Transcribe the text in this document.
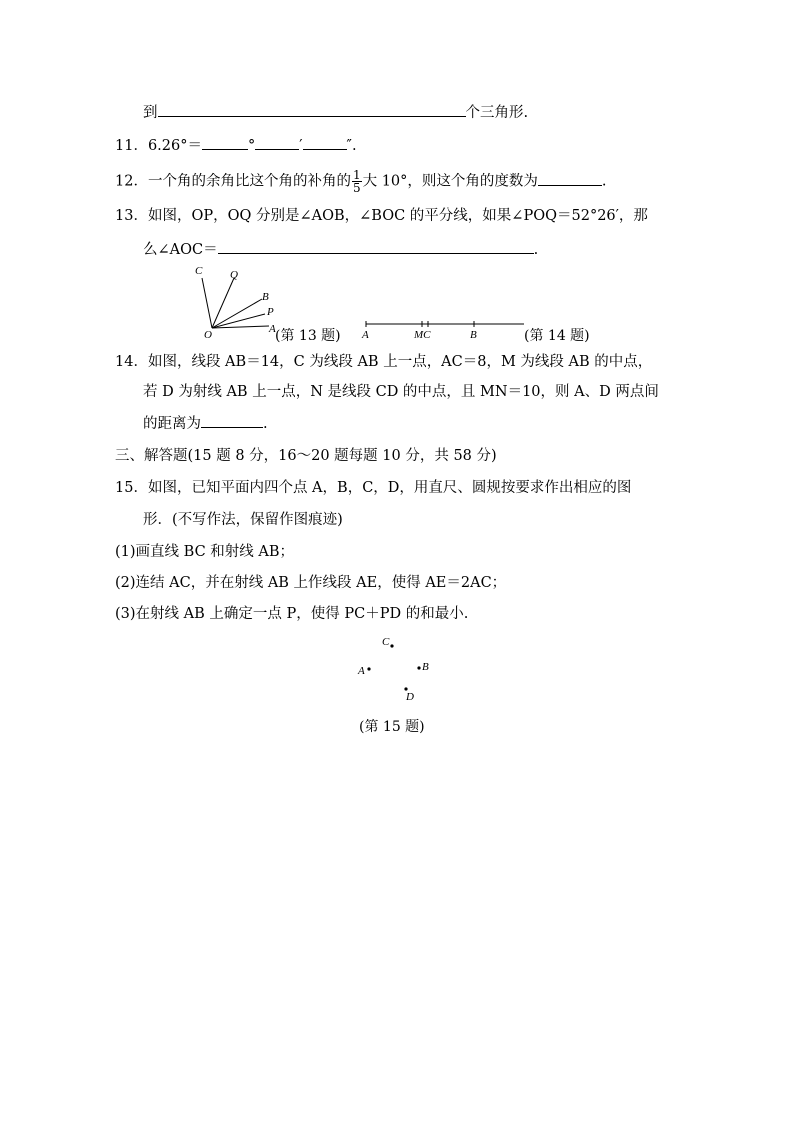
到	个三角形.
11．6.26°＝	°	′	″.
12．一个角的余角比这个角的补角的 $\frac{1}{5}$ 大 10°，则这个角的度数为	.
13．如图，OP，OQ 分别是∠AOB，∠BOC 的平分线，如果∠POQ＝52°26′，那
么∠AOC＝	.
C	Q
B
P
O	A (第 13 题) A	MC	B	(第 14 题)
14．如图，线段 AB＝14，C 为线段 AB 上一点，AC＝8，M 为线段 AB 的中点，
若 D 为射线 AB 上一点，N 是线段 CD 的中点，且 MN＝10，则 A、D 两点间
的距离为	.
三、解答题(15 题 8 分，16～20 题每题 10 分，共 58 分)
15．如图，已知平面内四个点 A，B，C，D，用直尺、圆规按要求作出相应的图
形．(不写作法，保留作图痕迹)
(1)画直线 BC 和射线 AB；
(2)连结 AC，并在射线 AB 上作线段 AE，使得 AE＝2AC；
(3)在射线 AB 上确定一点 P，使得 PC＋PD 的和最小.
C
A	B
D
(第 15 题)
